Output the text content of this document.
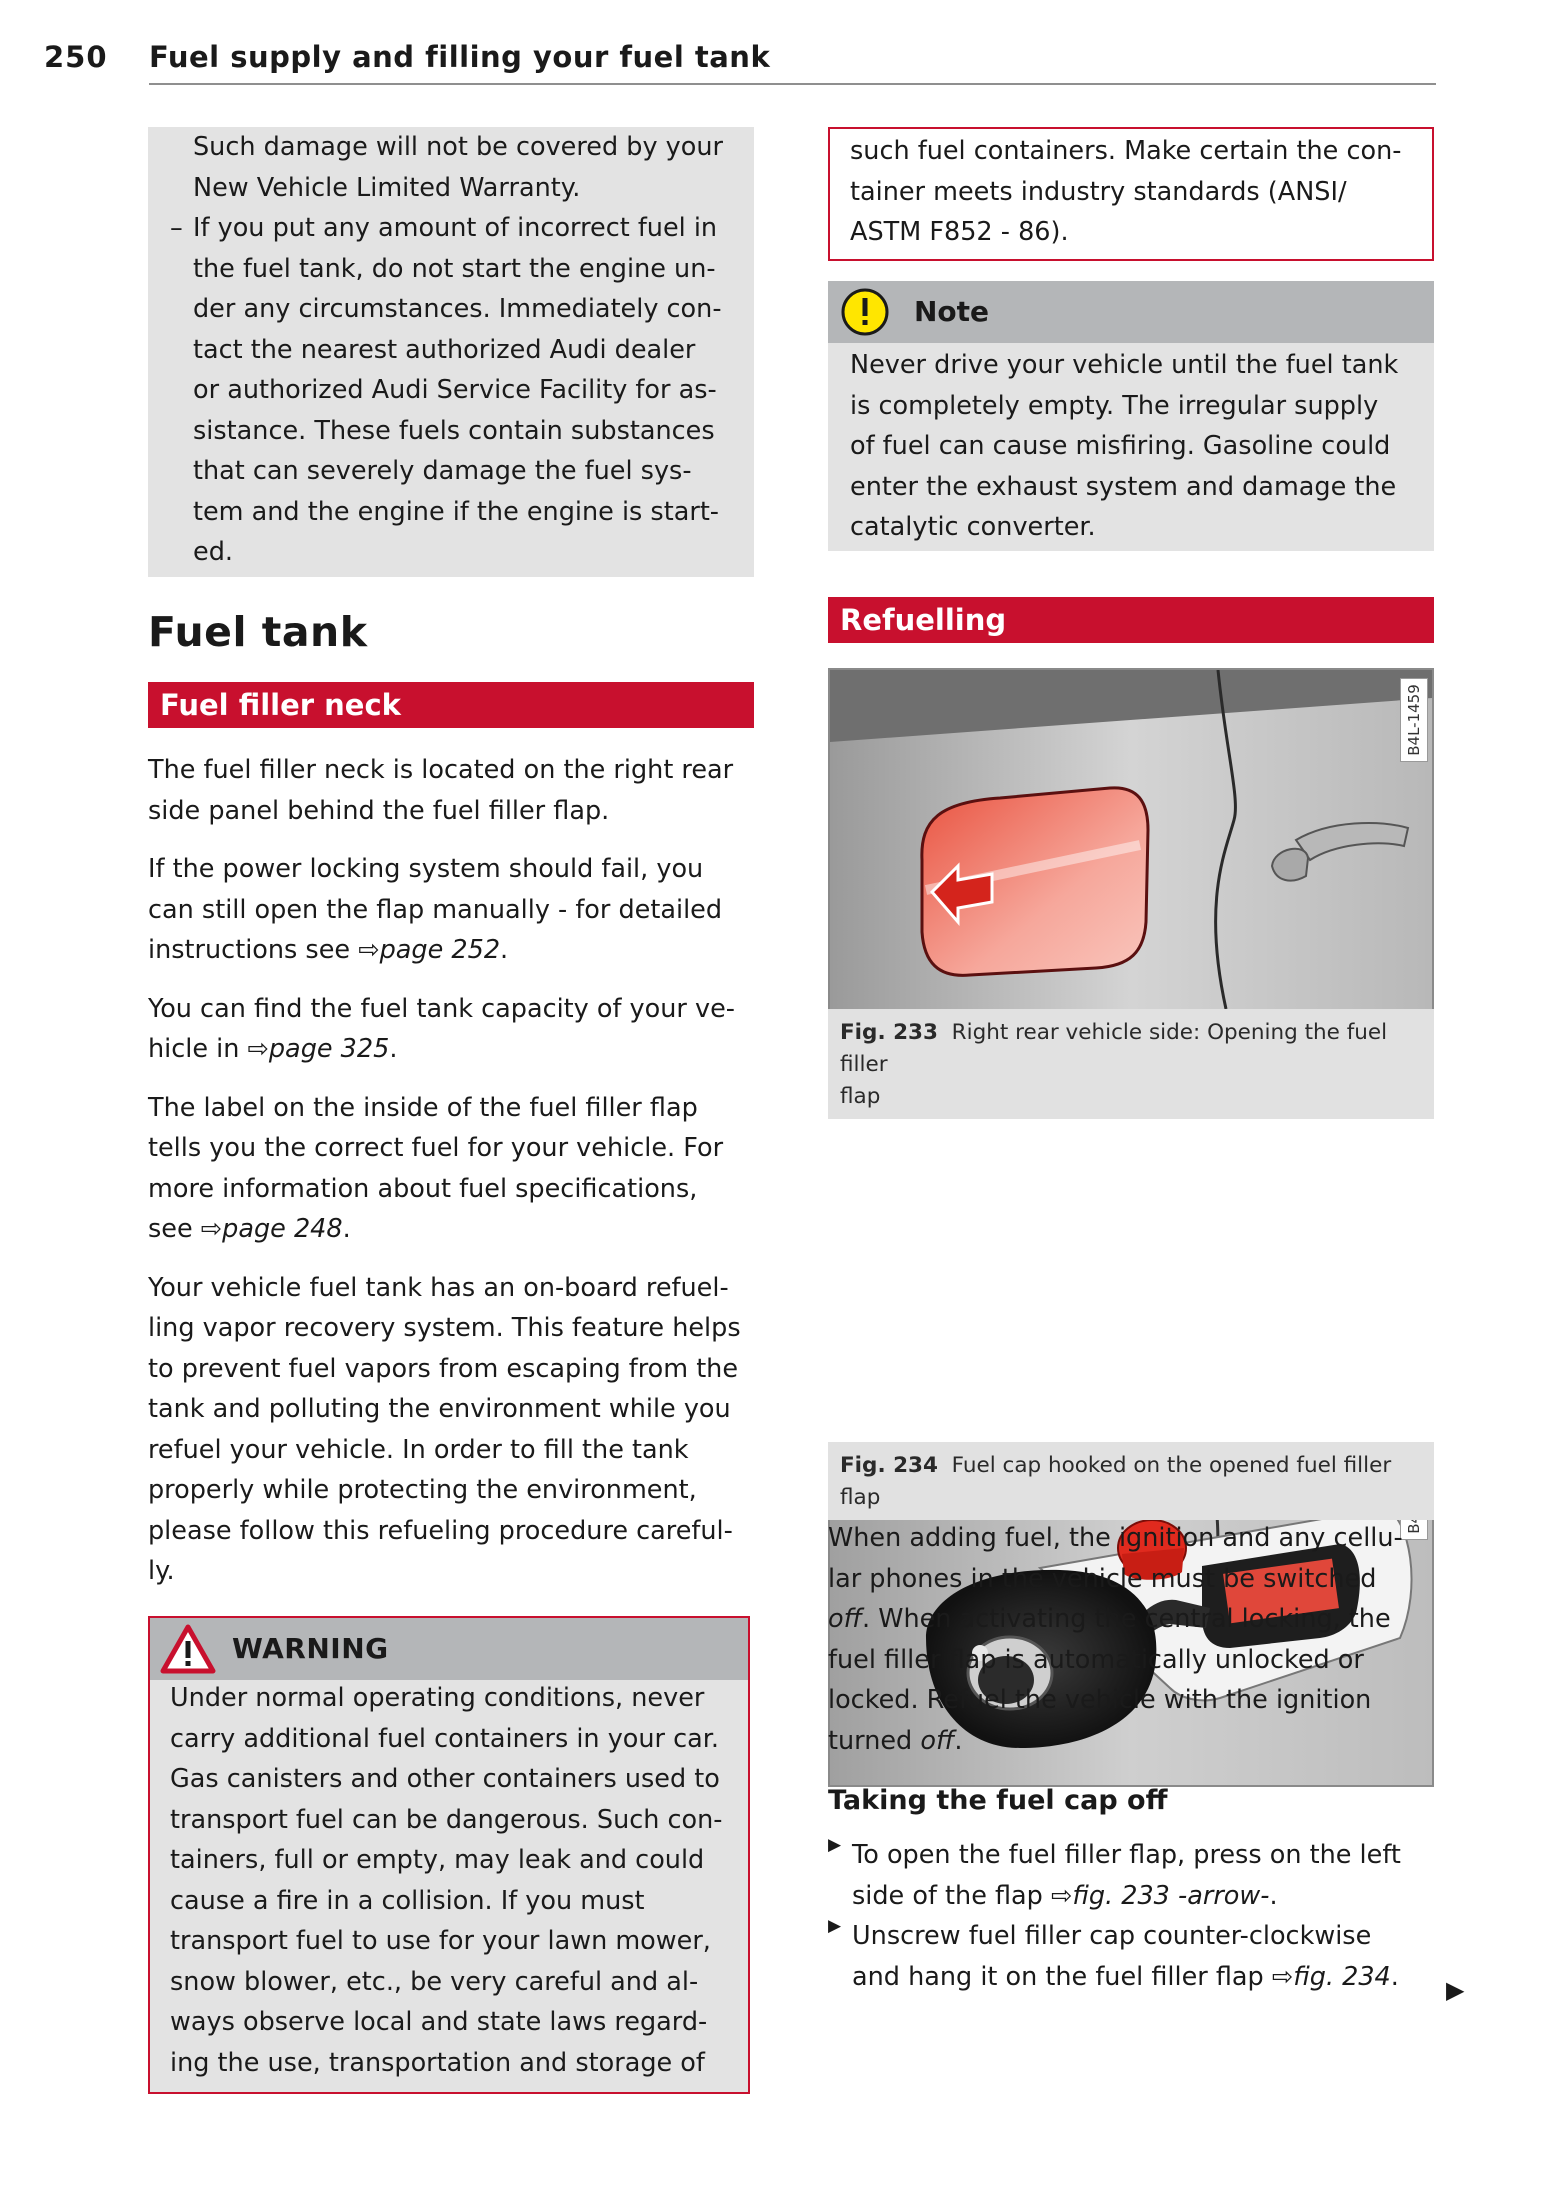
250 Fuel supply and filling your fuel tank

Such damage will not be covered by your

New Vehicle Limited Warranty.

– If you put any amount of incorrect fuel in

the fuel tank, do not start the engine un-

der any circumstances. Immediately con-

tact the nearest authorized Audi dealer

or authorized Audi Service Facility for as-

sistance. These fuels contain substances

that can severely damage the fuel sys-

tem and the engine if the engine is start-

ed.

Fuel tank
Fuel filler neck

The fuel filler neck is located on the right rear

side panel behind the fuel filler flap.

If the power locking system should fail, you

can still open the flap manually - for detailed

instructions see ⇨page 252.

You can find the fuel tank capacity of your ve-

hicle in ⇨page 325.

The label on the inside of the fuel filler flap

tells you the correct fuel for your vehicle. For

more information about fuel specifications,

see ⇨page 248.

Your vehicle fuel tank has an on-board refuel-

ling vapor recovery system. This feature helps

to prevent fuel vapors from escaping from the

tank and polluting the environment while you

refuel your vehicle. In order to fill the tank

properly while protecting the environment,

please follow this refueling procedure careful-

ly.

WARNING

Under normal operating conditions, never

carry additional fuel containers in your car.

Gas canisters and other containers used to

transport fuel can be dangerous. Such con-

tainers, full or empty, may leak and could

cause a fire in a collision. If you must

transport fuel to use for your lawn mower,

snow blower, etc., be very careful and al-

ways observe local and state laws regard-

ing the use, transportation and storage of

such fuel containers. Make certain the con-

tainer meets industry standards (ANSI/

ASTM F852 - 86).

Note

Never drive your vehicle until the fuel tank

is completely empty. The irregular supply

of fuel can cause misfiring. Gasoline could

enter the exhaust system and damage the

catalytic converter.

Refuelling
B4L-1459
Fig. 233 Right rear vehicle side: Opening the fuel filler
flap
Fig. 234 Fuel cap hooked on the opened fuel filler flap

When adding fuel, the ignition and any cellu-

lar phones in the vehicle must be switched

off. When activating the central locking, the

fuel filler flap is automatically unlocked or

locked. Refuel the vehicle with the ignition

turned off.

Taking the fuel cap off
▶ To open the fuel filler flap, press on the left

side of the flap ⇨fig. 233 -arrow-.

▶ Unscrew fuel filler cap counter-clockwise

and hang it on the fuel filler flap ⇨fig. 234.	▶
